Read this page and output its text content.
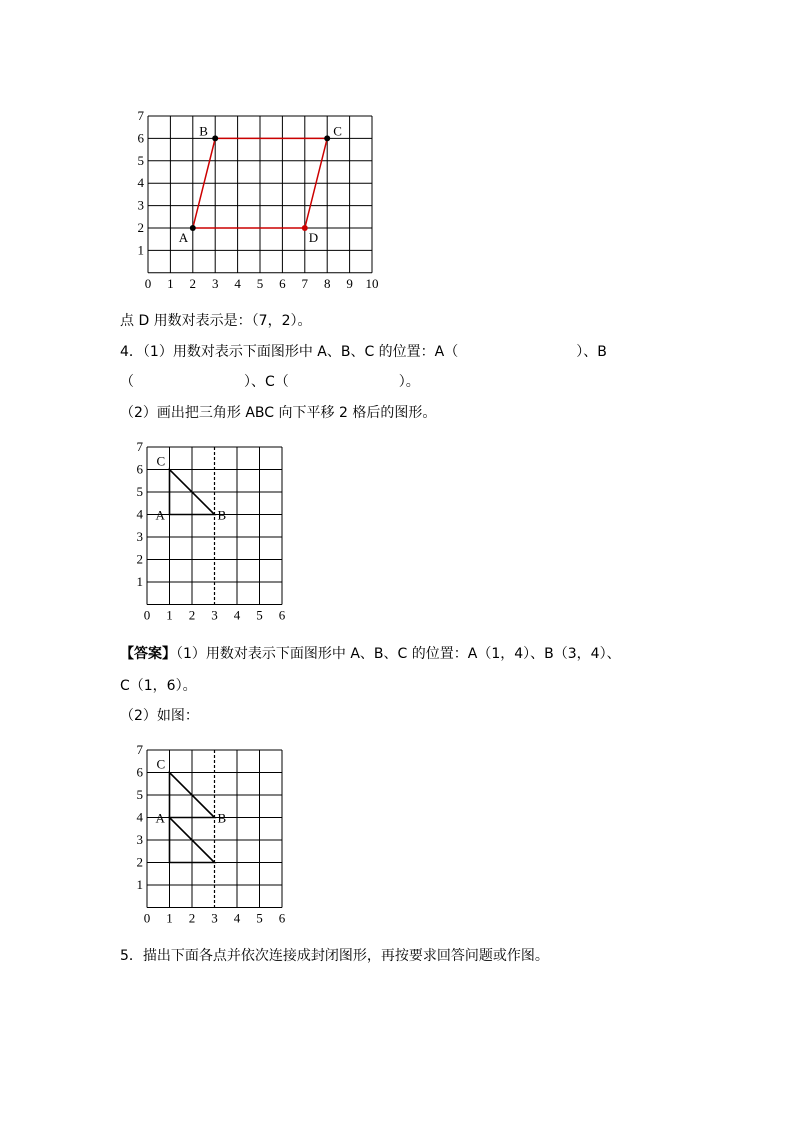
0 1 2 3 4 5 6 7 8 9 10
1
2
3
4
5
6
7
A
B	C
D
点 D 用数对表示是：（7，2）。
4．（1）用数对表示下面图形中 A、B、C 的位置：A（	）、B
（	）、C（	）。
（2）画出把三角形 ABC 向下平移 2 格后的图形。
0 1 2 3 4 5 6
1
2
3
4
5
6
7
C
A	B
【答案】（1）用数对表示下面图形中 A、B、C 的位置：A（1，4）、B（3，4）、
C（1，6）。
（2）如图：
0 1 2 3 4 5 6
1
2
3
4
5
6
7
C
A	B
5．描出下面各点并依次连接成封闭图形，再按要求回答问题或作图。
